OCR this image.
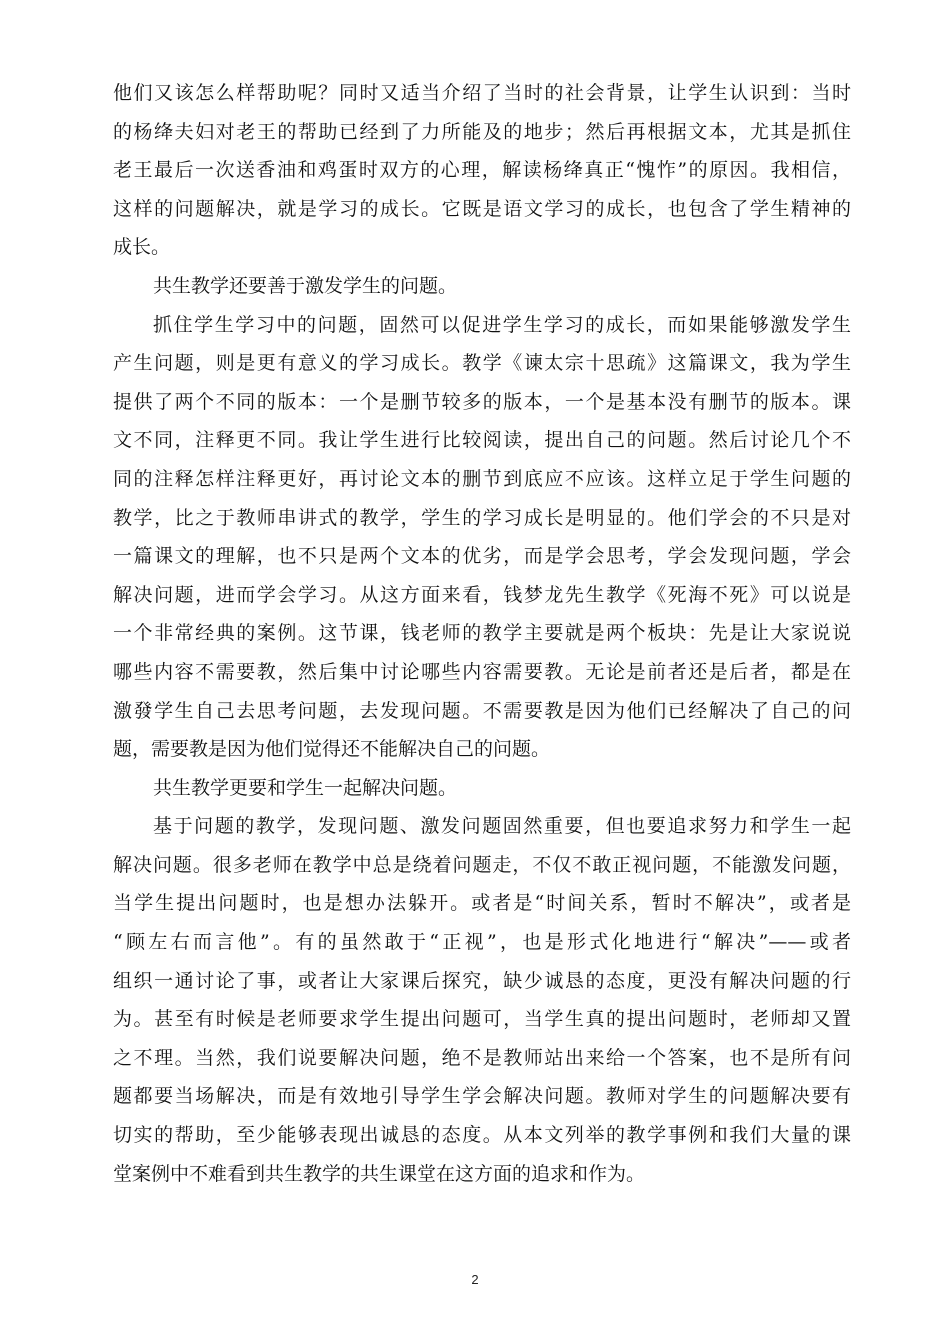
他们又该怎么样帮助呢？同时又适当介绍了当时的社会背景，让学生认识到：当时
的杨绛夫妇对老王的帮助已经到了力所能及的地步；然后再根据文本，尤其是抓住
老王最后一次送香油和鸡蛋时双方的心理，解读杨绛真正“愧怍”的原因。我相信，
这样的问题解决，就是学习的成长。它既是语文学习的成长，也包含了学生精神的
成长。
共生教学还要善于激发学生的问题。
抓住学生学习中的问题，固然可以促进学生学习的成长，而如果能够激发学生
产生问题，则是更有意义的学习成长。教学《谏太宗十思疏》这篇课文，我为学生
提供了两个不同的版本：一个是删节较多的版本，一个是基本没有删节的版本。课
文不同，注释更不同。我让学生进行比较阅读，提出自己的问题。然后讨论几个不
同的注释怎样注释更好，再讨论文本的删节到底应不应该。这样立足于学生问题的
教学，比之于教师串讲式的教学，学生的学习成长是明显的。他们学会的不只是对
一篇课文的理解，也不只是两个文本的优劣，而是学会思考，学会发现问题，学会
解决问题，进而学会学习。从这方面来看，钱梦龙先生教学《死海不死》可以说是
一个非常经典的案例。这节课，钱老师的教学主要就是两个板块：先是让大家说说
哪些内容不需要教，然后集中讨论哪些内容需要教。无论是前者还是后者，都是在
激發学生自己去思考问题，去发现问题。不需要教是因为他们已经解决了自己的问
题，需要教是因为他们觉得还不能解决自己的问题。
共生教学更要和学生一起解决问题。
基于问题的教学，发现问题、激发问题固然重要，但也要追求努力和学生一起
解决问题。很多老师在教学中总是绕着问题走，不仅不敢正视问题，不能激发问题，
当学生提出问题时，也是想办法躲开。或者是“时间关系，暂时不解决”，或者是
“顾左右而言他”。有的虽然敢于“正视”，也是形式化地进行“解决”——或者
组织一通讨论了事，或者让大家课后探究，缺少诚恳的态度，更没有解决问题的行
为。甚至有时候是老师要求学生提出问题可，当学生真的提出问题时，老师却又置
之不理。当然，我们说要解决问题，绝不是教师站出来给一个答案，也不是所有问
题都要当场解决，而是有效地引导学生学会解决问题。教师对学生的问题解决要有
切实的帮助，至少能够表现出诚恳的态度。从本文列举的教学事例和我们大量的课
堂案例中不难看到共生教学的共生课堂在这方面的追求和作为。
2
